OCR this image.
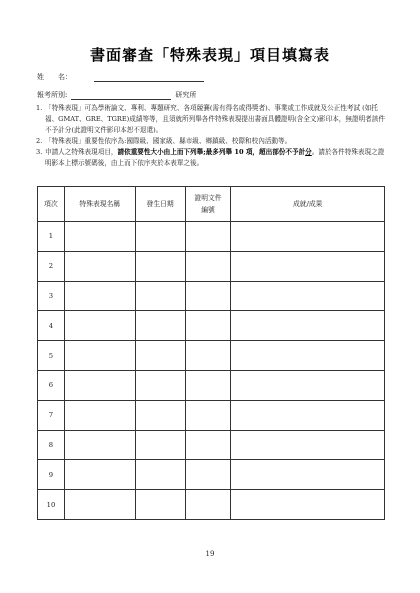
書面審查「特殊表現」項目填寫表
姓　　名：
報考所別:	研究所
1. 「特殊表現」可為學術論文、專利、專題研究、各項競賽(需有得名或得獎者)、事業或工作成就及公正性考試 (如托福、GMAT、GRE、TGRE)成績等等，且須就所列舉各件特殊表現提出書面具體證明(含全文)影印本，無證明者該件不予計分(此證明文件影印本恕不退還)。
2. 「特殊表現」重要性依序為:國際級、國家級、縣市級、鄉鎮級、校際和校內活動等。
3. 申請人之特殊表現項目，請依重要性大小由上而下列舉;最多列舉 10 項，超出部份不予計分。請於各件特殊表現之證明影本上標示號碼後，由上而下依序夾於本表單之後。
項次	特殊表現名稱	發生日期	證明文件編號	成就/成果
1				
2				
3				
4				
5				
6				
7				
8				
9				
10				
19
